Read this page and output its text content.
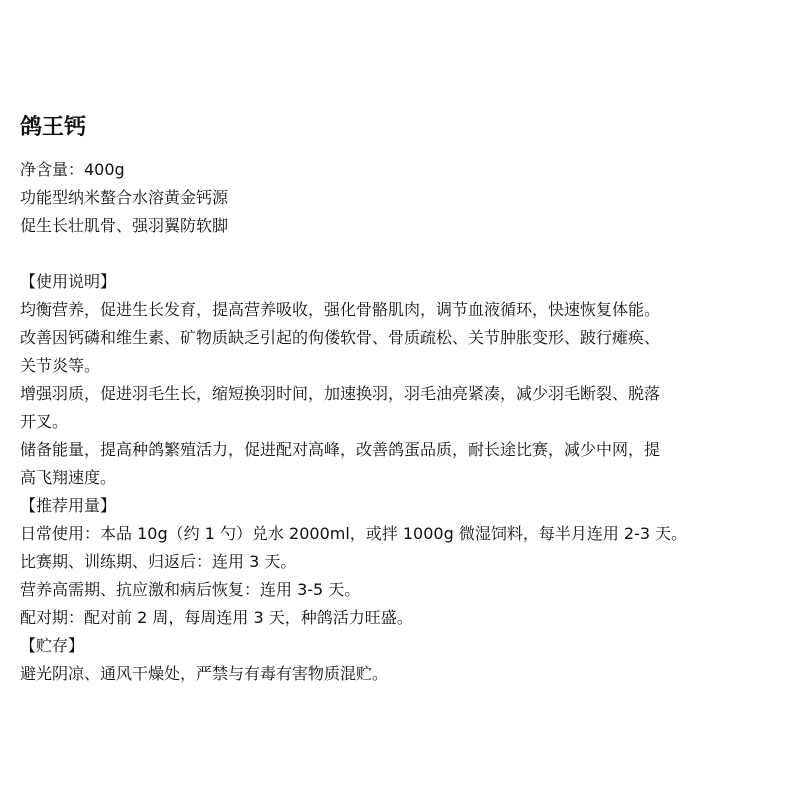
鸽王钙
净含量：400g
功能型纳米螯合水溶黄金钙源
促生长壮肌骨、强羽翼防软脚
【使用说明】
均衡营养，促进生长发育，提高营养吸收，强化骨骼肌肉，调节血液循环，快速恢复体能。
改善因钙磷和维生素、矿物质缺乏引起的佝偻软骨、骨质疏松、关节肿胀变形、跛行瘫痪、
关节炎等。
增强羽质，促进羽毛生长，缩短换羽时间，加速换羽，羽毛油亮紧凑，减少羽毛断裂、脱落
开叉。
储备能量，提高种鸽繁殖活力，促进配对高峰，改善鸽蛋品质，耐长途比赛，减少中网，提
高飞翔速度。
【推荐用量】
日常使用：本品 10g（约 1 勺）兑水 2000ml，或拌 1000g 微湿饲料，每半月连用 2-3 天。
比赛期、训练期、归返后：连用 3 天。
营养高需期、抗应激和病后恢复：连用 3-5 天。
配对期：配对前 2 周，每周连用 3 天，种鸽活力旺盛。
【贮存】
避光阴凉、通风干燥处，严禁与有毒有害物质混贮。
